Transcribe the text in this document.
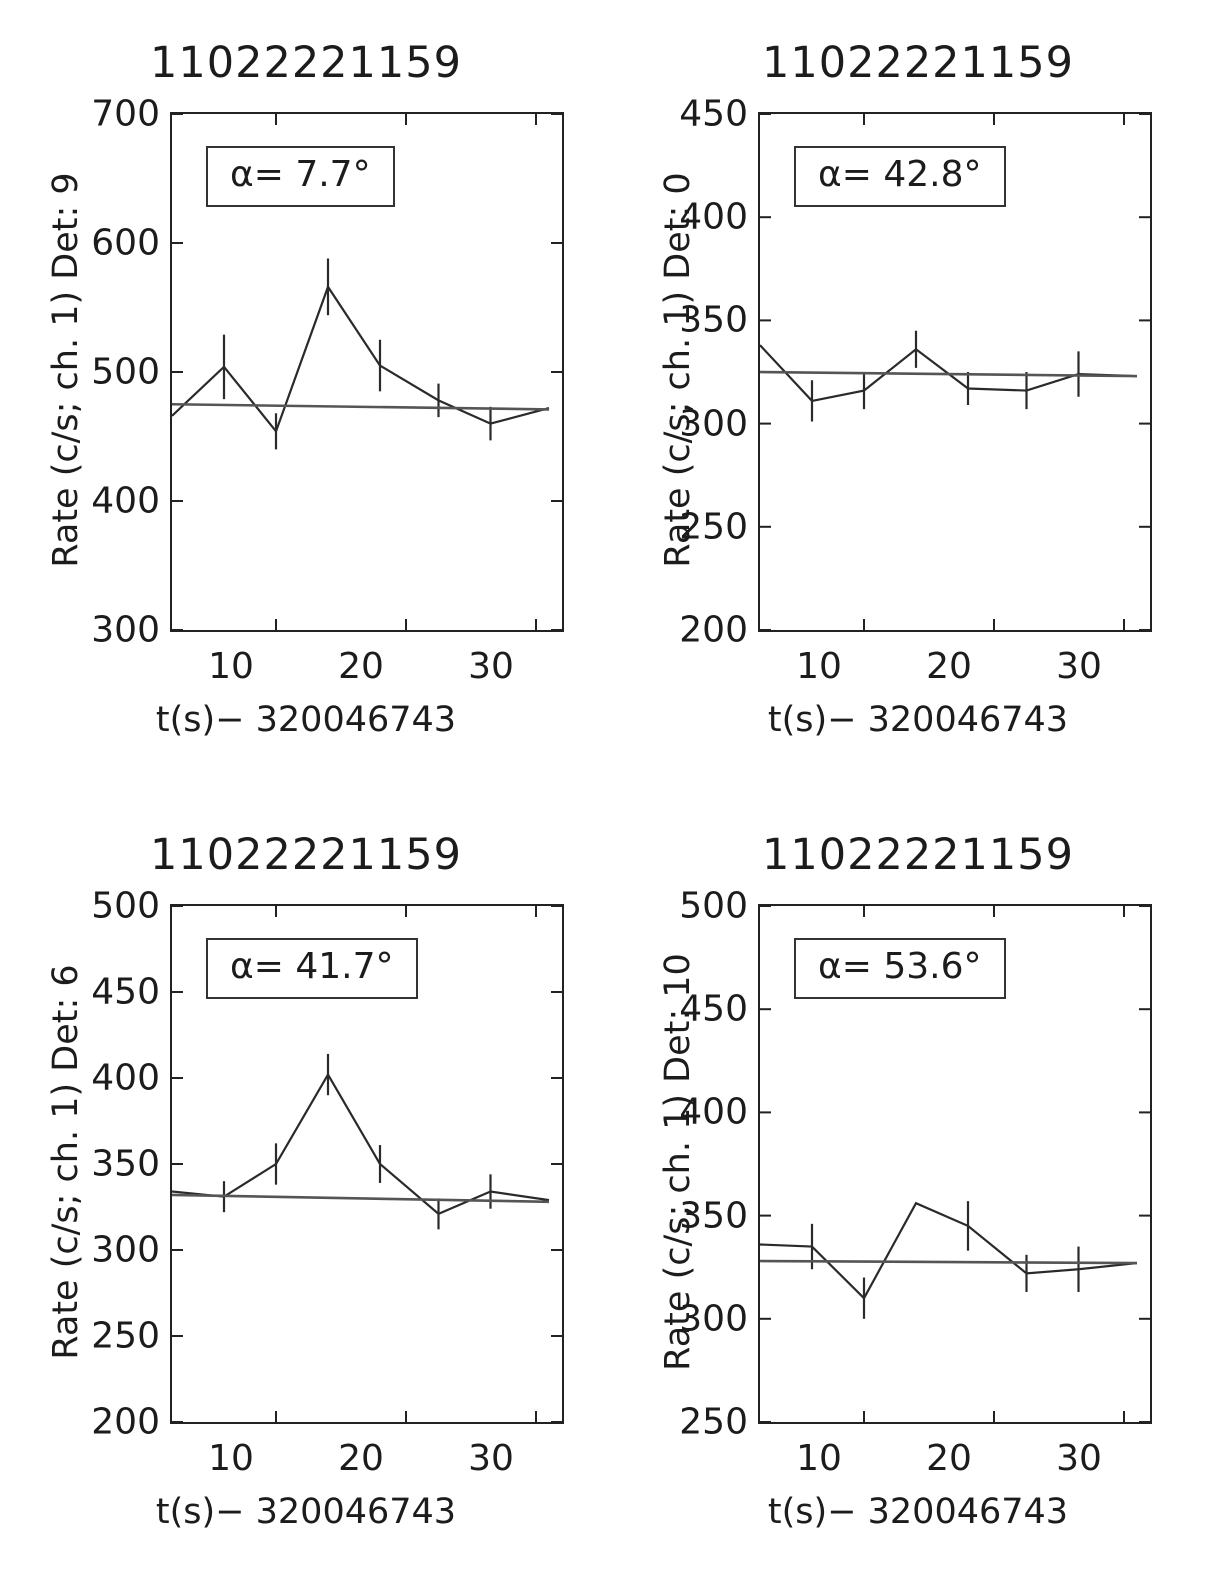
11022221159
Rate (c/s; ch. 1) Det: 9
t(s)− 320046743
300
400
500
600
700
10	20	30
α= 7.7°
11022221159
Rate (c/s; ch. 1) Det: 0
t(s)− 320046743
200
250
300
350
400
450
10	20	30
α= 42.8°
11022221159
Rate (c/s; ch. 1) Det: 6
t(s)− 320046743
200
250
300
350
400
450
500
10	20	30
α= 41.7°
11022221159
Rate (c/s; ch. 1) Det: 10
t(s)− 320046743
250
300
350
400
450
500
10	20	30
α= 53.6°
